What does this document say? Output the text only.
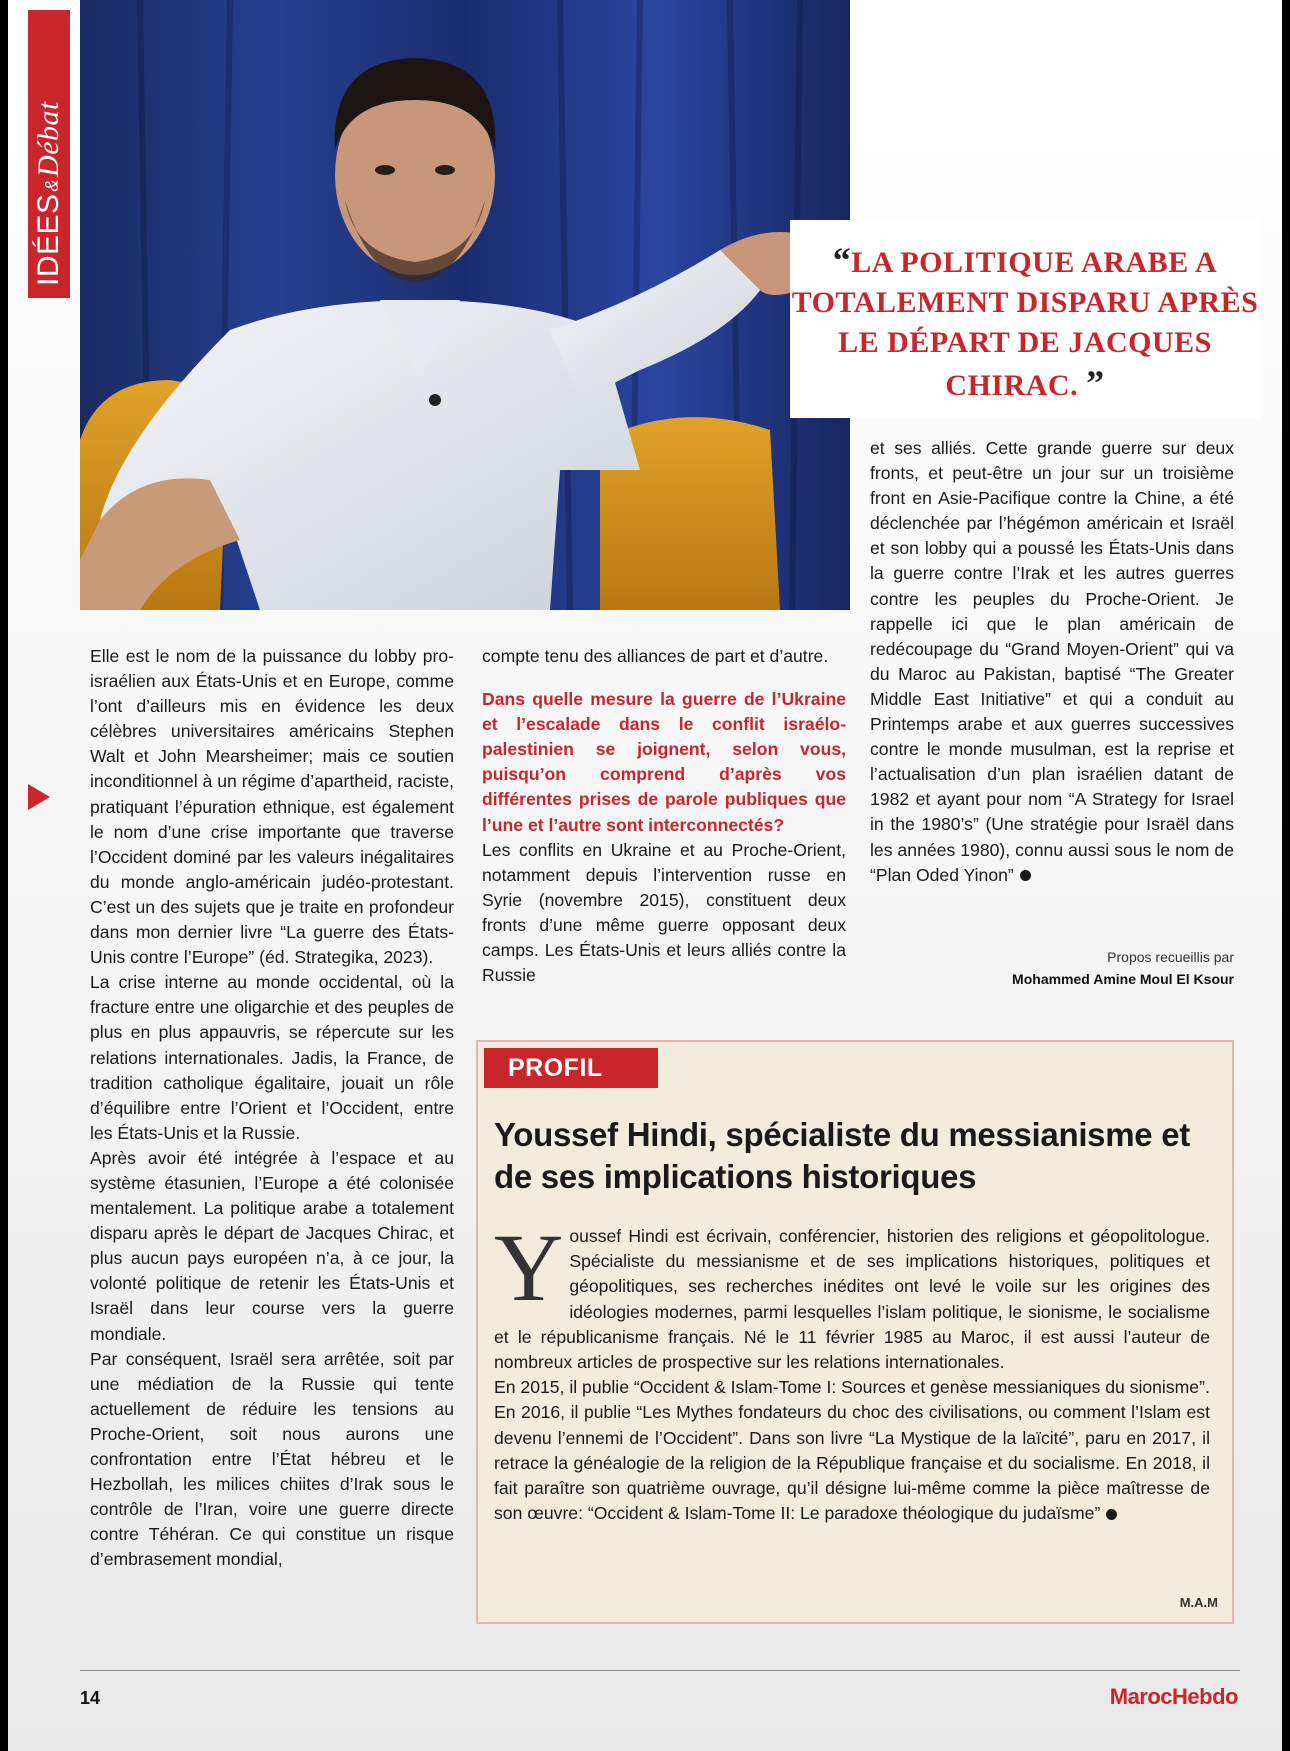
IDÉES&Débat
“LA POLITIQUE ARABE A TOTALEMENT DISPARU APRÈS LE DÉPART DE JACQUES CHIRAC. ”

Elle est le nom de la puissance du lobby pro-israélien aux États-Unis et en Europe, comme l’ont d’ailleurs mis en évidence les deux célèbres universitaires américains Stephen Walt et John Mearsheimer; mais ce soutien inconditionnel à un régime d’apartheid, raciste, pratiquant l’épuration ethnique, est également le nom d’une crise importante que traverse l’Occident dominé par les valeurs inégalitaires du monde anglo-américain judéo-protestant. C’est un des sujets que je traite en profondeur dans mon dernier livre “La guerre des États-Unis contre l’Europe” (éd. Strategika, 2023).

La crise interne au monde occidental, où la fracture entre une oligarchie et des peuples de plus en plus appauvris, se répercute sur les relations internationales. Jadis, la France, de tradition catholique égalitaire, jouait un rôle d’équilibre entre l’Orient et l’Occident, entre les États-Unis et la Russie.

Après avoir été intégrée à l’espace et au système étasunien, l’Europe a été colonisée mentalement. La politique arabe a totalement disparu après le départ de Jacques Chirac, et plus aucun pays européen n’a, à ce jour, la volonté politique de retenir les États-Unis et Israël dans leur course vers la guerre mondiale.

Par conséquent, Israël sera arrêtée, soit par une médiation de la Russie qui tente actuellement de réduire les tensions au Proche-Orient, soit nous aurons une confrontation entre l’État hébreu et le Hezbollah, les milices chiites d’Irak sous le contrôle de l’Iran, voire une guerre directe contre Téhéran. Ce qui constitue un risque d’embrasement mondial,

compte tenu des alliances de part et d’autre.

Dans quelle mesure la guerre de l’Ukraine et l’escalade dans le conflit israélo-palestinien se joignent, selon vous, puisqu’on comprend d’après vos différentes prises de parole publiques que l’une et l’autre sont interconnectés?

Les conflits en Ukraine et au Proche-Orient, notamment depuis l’intervention russe en Syrie (novembre 2015), constituent deux fronts d’une même guerre opposant deux camps. Les États-Unis et leurs alliés contre la Russie

et ses alliés. Cette grande guerre sur deux fronts, et peut-être un jour sur un troisième front en Asie-Pacifique contre la Chine, a été déclenchée par l’hégémon américain et Israël et son lobby qui a poussé les États-Unis dans la guerre contre l’Irak et les autres guerres contre les peuples du Proche-Orient. Je rappelle ici que le plan américain de redécoupage du “Grand Moyen-Orient” qui va du Maroc au Pakistan, baptisé “The Greater Middle East Initiative” et qui a conduit au Printemps arabe et aux guerres successives contre le monde musulman, est la reprise et l’actualisation d’un plan israélien datant de 1982 et ayant pour nom “A Strategy for Israel in the 1980’s” (Une stratégie pour Israël dans les années 1980), connu aussi sous le nom de “Plan Oded Yinon”

Propos recueillis par
Mohammed Amine Moul El Ksour
PROFIL
Youssef Hindi, spécialiste du messianisme et de ses implications historiques

Youssef Hindi est écrivain, conférencier, historien des religions et géopolitologue. Spécialiste du messianisme et de ses implications historiques, politiques et géopolitiques, ses recherches inédites ont levé le voile sur les origines des idéologies modernes, parmi lesquelles l’islam politique, le sionisme, le socialisme et le républicanisme français. Né le 11 février 1985 au Maroc, il est aussi l’auteur de nombreux articles de prospective sur les relations internationales.

En 2015, il publie “Occident & Islam-Tome I: Sources et genèse messianiques du sionisme”.

En 2016, il publie “Les Mythes fondateurs du choc des civilisations, ou comment l’Islam est devenu l’ennemi de l’Occident”. Dans son livre “La Mystique de la laïcité”, paru en 2017, il retrace la généalogie de la religion de la République française et du socialisme. En 2018, il fait paraître son quatrième ouvrage, qu’il désigne lui-même comme la pièce maîtresse de son œuvre: “Occident & Islam-Tome II: Le paradoxe théologique du judaïsme”

M.A.M
14	MarocHebdo
